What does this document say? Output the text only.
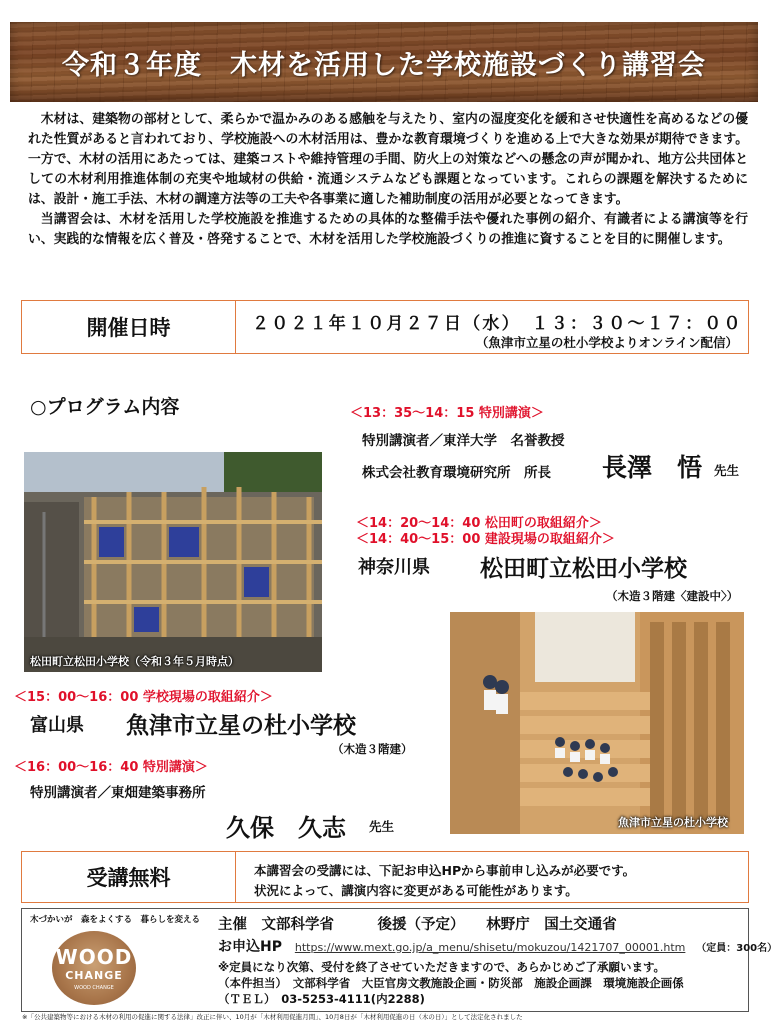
令和３年度　木材を活用した学校施設づくり講習会

木材は、建築物の部材として、柔らかで温かみのある感触を与えたり、室内の湿度変化を緩和させ快適性を高めるなどの優れた性質があると言われており、学校施設への木材活用は、豊かな教育環境づくりを進める上で大きな効果が期待できます。一方で、木材の活用にあたっては、建築コストや維持管理の手間、防火上の対策などへの懸念の声が聞かれ、地方公共団体としての木材利用推進体制の充実や地域材の供給・流通システムなども課題となっています。これらの課題を解決するためには、設計・施工手法、木材の調達方法等の工夫や各事業に適した補助制度の活用が必要となってきます。

当講習会は、木材を活用した学校施設を推進するための具体的な整備手法や優れた事例の紹介、有識者による講演等を行い、実践的な情報を広く普及・啓発することで、木材を活用した学校施設づくりの推進に資することを目的に開催します。

開催日時	２０２１年１０月２７日（水）　１３：３０～１７：００
（魚津市立星の杜小学校よりオンライン配信）
○プログラム内容	＜13：35～14：15 特別講演＞
特別講演者／東洋大学　名誉教授
株式会社教育環境研究所　所長 長澤　悟 先生
＜14：20～14：40 松田町の取組紹介＞
＜14：40～15：00 建設現場の取組紹介＞
神奈川県 松田町立松田小学校
（木造３階建〈建設中〉）
松田町立松田小学校（令和３年５月時点）
＜15：00～16：00 学校現場の取組紹介＞
富山県 魚津市立星の杜小学校
（木造３階建）
＜16：00～16：40 特別講演＞
特別講演者／東畑建築事務所
久保　久志 先生	魚津市立星の杜小学校
受講無料	本講習会の受講には、下記お申込HPから事前申し込みが必要です。
状況によって、講演内容に変更がある可能性があります。
木づかいが　森をよくする　暮らしを変える
WOOD
CHANGE
WOOD CHANGE
主催　文部科学省　　　後援（予定）　　林野庁　国土交通省
お申込HP https://www.mext.go.jp/a_menu/shisetu/mokuzou/1421707_00001.htm （定員：300名）
※定員になり次第、受付を終了させていただきますので、あらかじめご了承願います。
（本件担当）　文部科学省　大臣官房文教施設企画・防災部　施設企画課　環境施設企画係
（ＴＥＬ）　03-5253-4111(内2288)
※「公共建築物等における木材の利用の促進に関する法律」改正に伴い、10月が「木材利用促進月間」、10月8日が「木材利用促進の日（木の日）」として法定化されました
